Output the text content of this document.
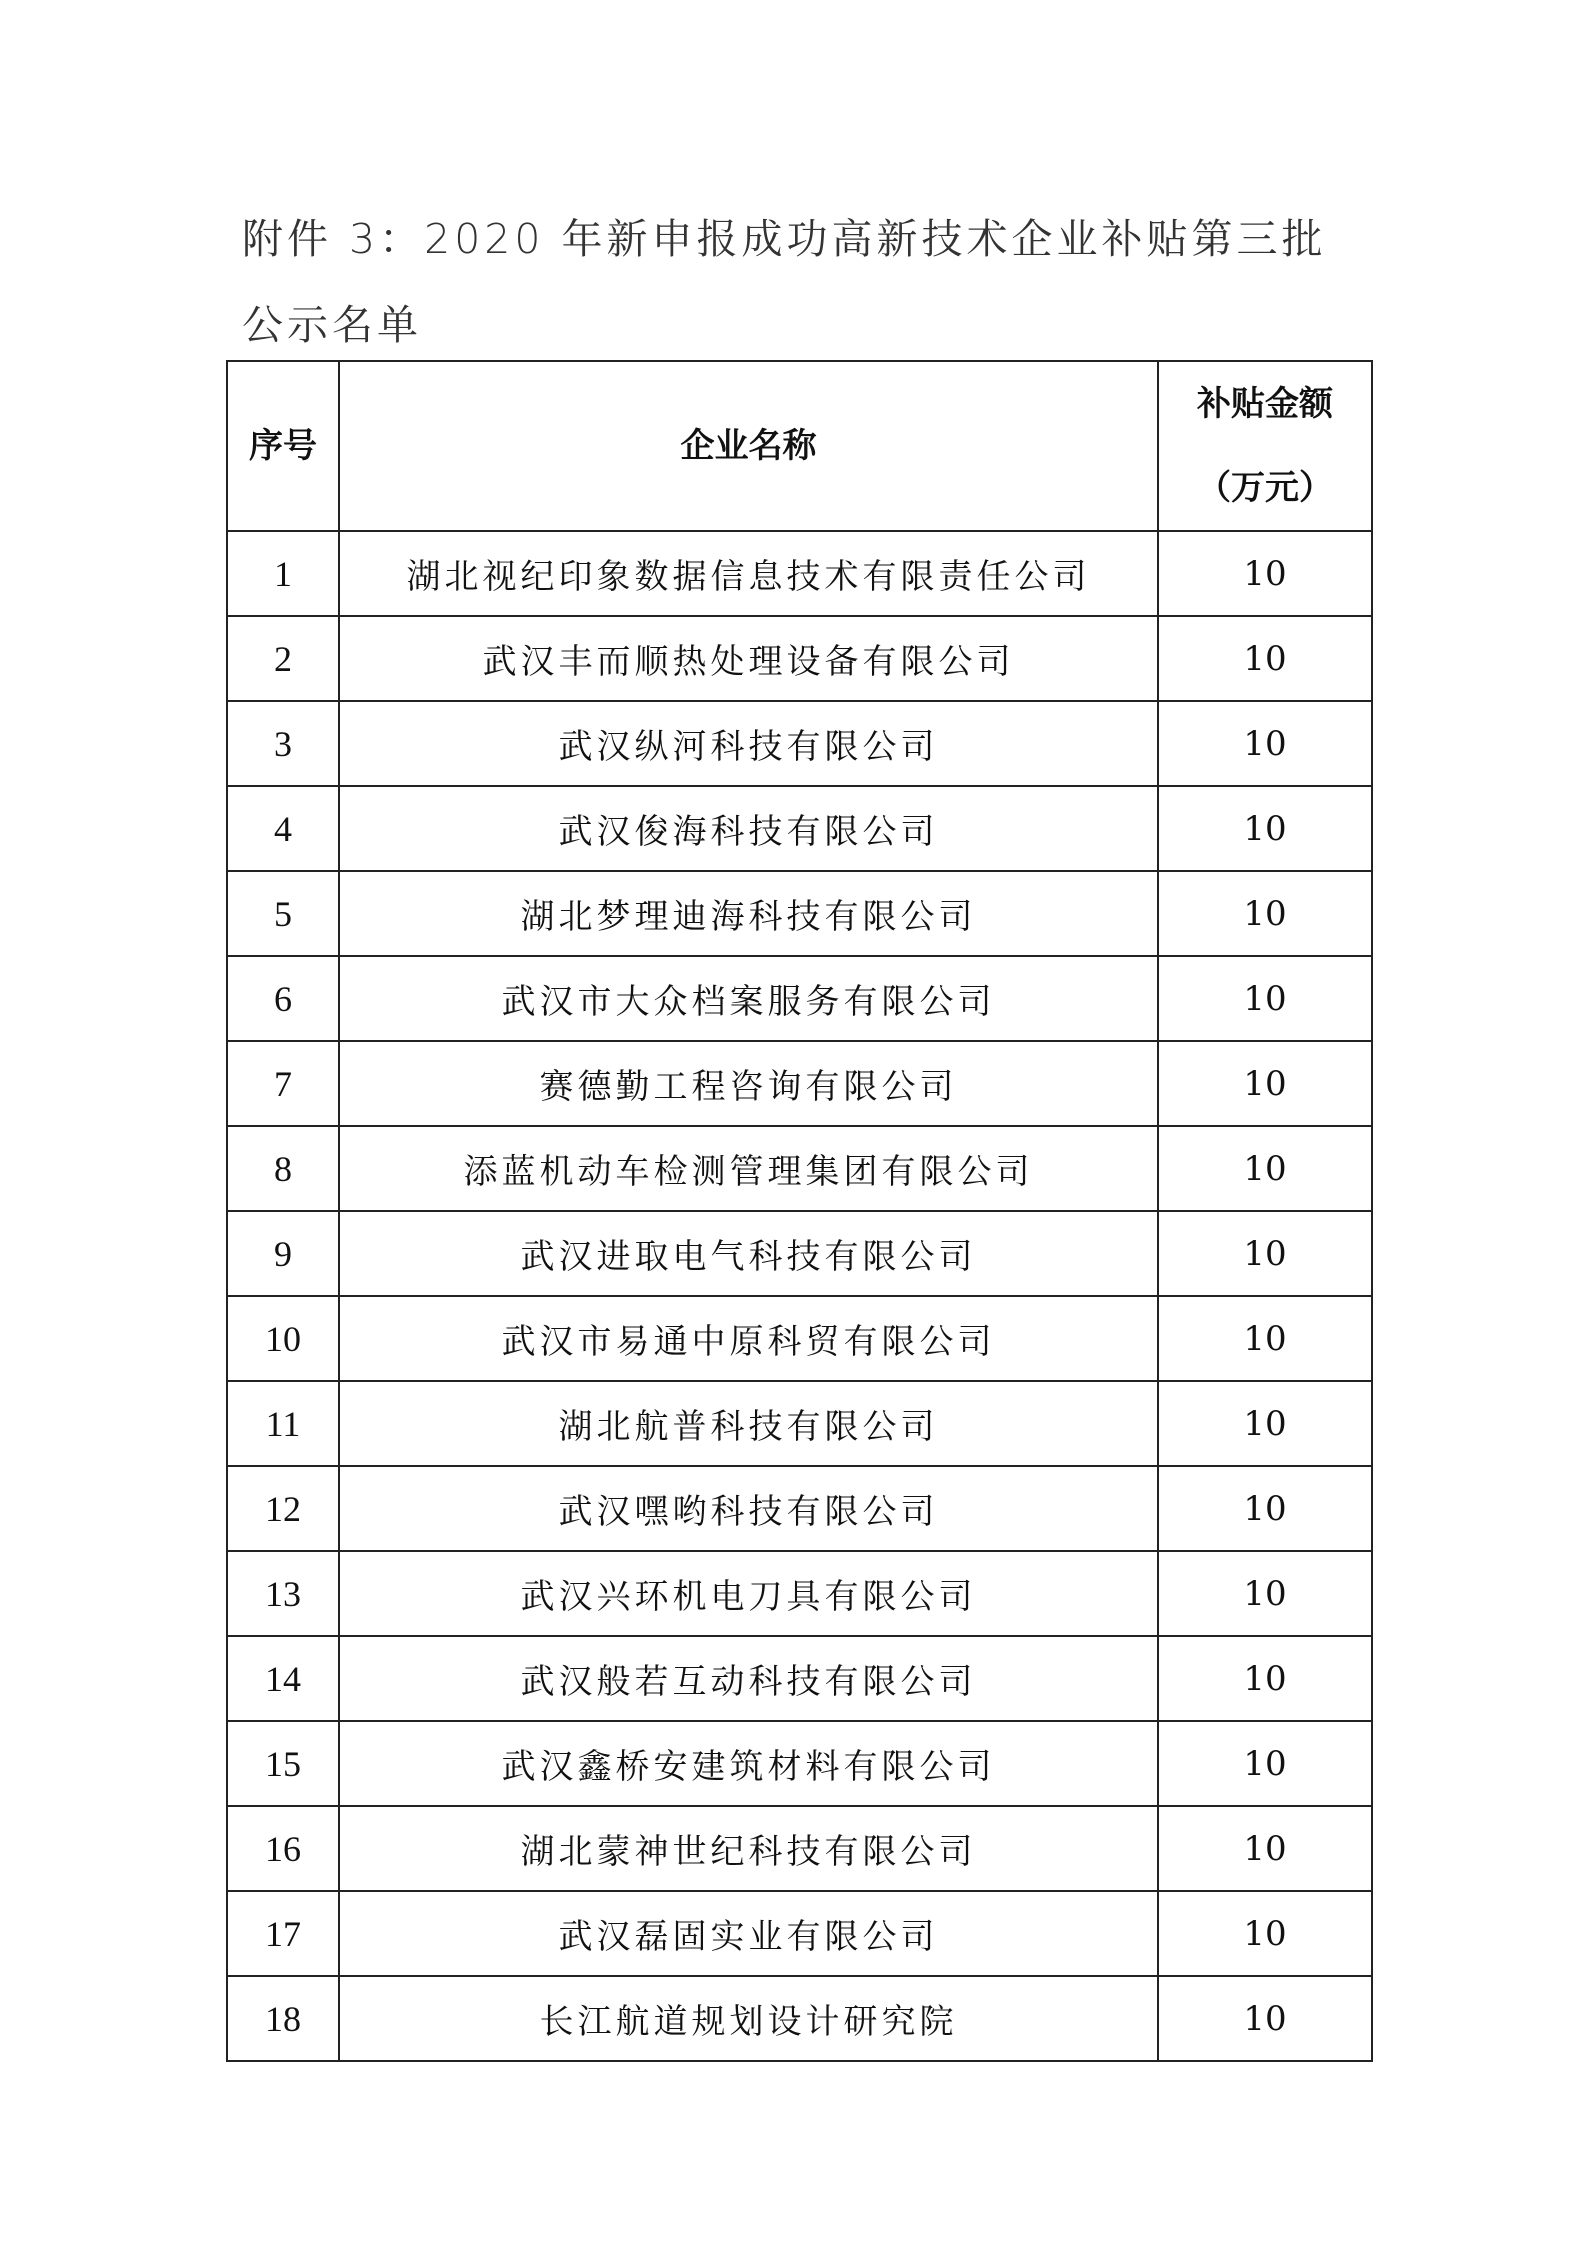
附件 3：2020 年新申报成功高新技术企业补贴第三批公示名单
序号	企业名称	补贴金额
（万元）

1	湖北视纪印象数据信息技术有限责任公司	10
2	武汉丰而顺热处理设备有限公司	10
3	武汉纵河科技有限公司	10
4	武汉俊海科技有限公司	10
5	湖北梦理迪海科技有限公司	10
6	武汉市大众档案服务有限公司	10
7	赛德勤工程咨询有限公司	10
8	添蓝机动车检测管理集团有限公司	10
9	武汉进取电气科技有限公司	10
10	武汉市易通中原科贸有限公司	10
11	湖北航普科技有限公司	10
12	武汉嘿哟科技有限公司	10
13	武汉兴环机电刀具有限公司	10
14	武汉般若互动科技有限公司	10
15	武汉鑫桥安建筑材料有限公司	10
16	湖北蒙神世纪科技有限公司	10
17	武汉磊固实业有限公司	10
18	长江航道规划设计研究院	10
